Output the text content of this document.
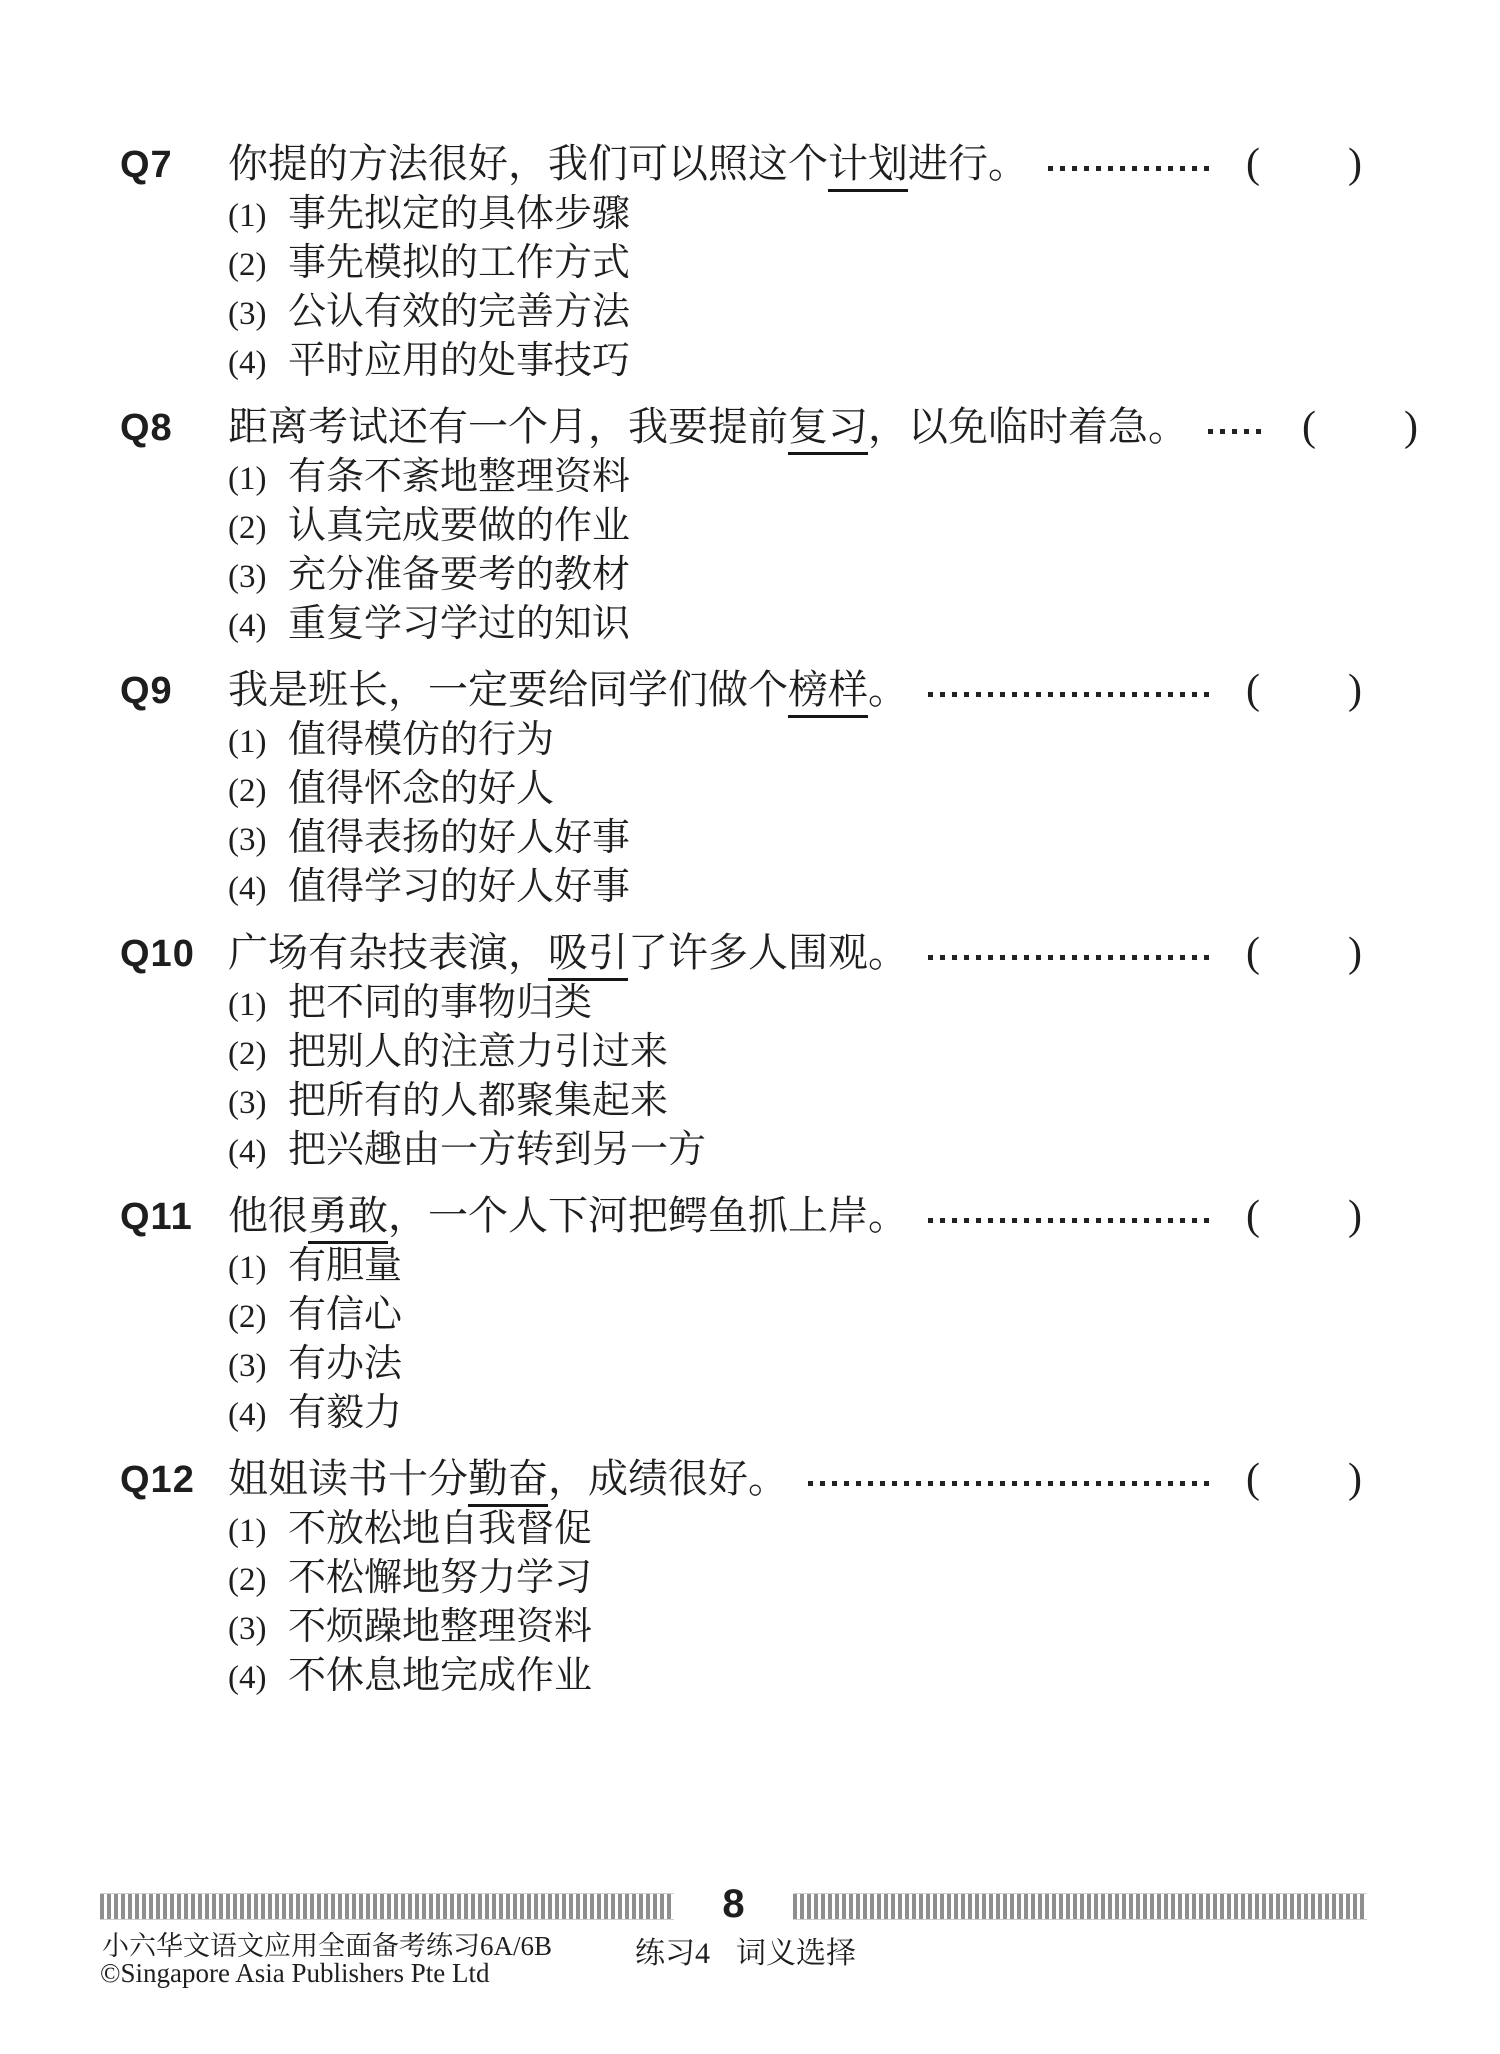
Q7	你提的方法很好，我们可以照这个计划进行。	( )
(1) 事先拟定的具体步骤
(2) 事先模拟的工作方式
(3) 公认有效的完善方法
(4) 平时应用的处事技巧
Q8	距离考试还有一个月，我要提前复习，以免临时着急。	( )
(1) 有条不紊地整理资料
(2) 认真完成要做的作业
(3) 充分准备要考的教材
(4) 重复学习学过的知识
Q9	我是班长，一定要给同学们做个榜样。	( )
(1) 值得模仿的行为
(2) 值得怀念的好人
(3) 值得表扬的好人好事
(4) 值得学习的好人好事
Q10 广场有杂技表演，吸引了许多人围观。	( )
(1) 把不同的事物归类
(2) 把别人的注意力引过来
(3) 把所有的人都聚集起来
(4) 把兴趣由一方转到另一方
Q11 他很勇敢，一个人下河把鳄鱼抓上岸。	( )
(1) 有胆量
(2) 有信心
(3) 有办法
(4) 有毅力
Q12 姐姐读书十分勤奋，成绩很好。	( )
(1) 不放松地自我督促
(2) 不松懈地努力学习
(3) 不烦躁地整理资料
(4) 不休息地完成作业
8
小六华文语文应用全面备考练习6A/6B	练习4 词义选择
©Singapore Asia Publishers Pte Ltd
